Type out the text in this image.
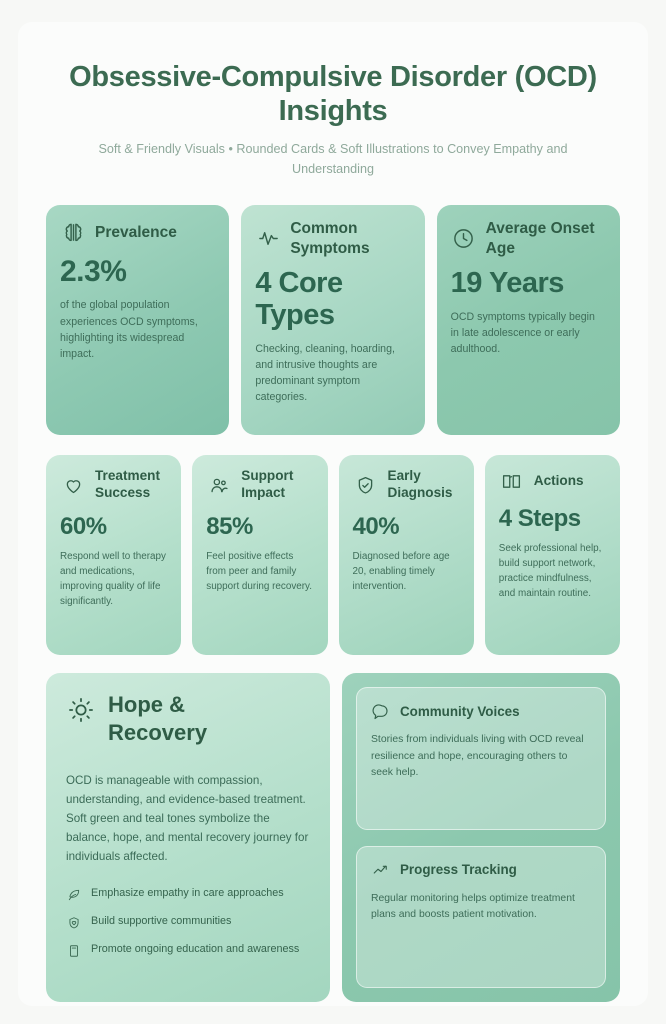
Obsessive-Compulsive Disorder (OCD) Insights
Soft & Friendly Visuals • Rounded Cards & Soft Illustrations to Convey Empathy and Understanding
Prevalence
2.3%
of the global population experiences OCD symptoms, highlighting its widespread impact.
Common Symptoms
4 Core Types
Checking, cleaning, hoarding, and intrusive thoughts are predominant symptom categories.
Average Onset Age
19 Years
OCD symptoms typically begin in late adolescence or early adulthood.
Treatment Success
60%
Respond well to therapy and medications, improving quality of life significantly.
Support Impact
85%
Feel positive effects from peer and family support during recovery.
Early Diagnosis
40%
Diagnosed before age 20, enabling timely intervention.
Actions
4 Steps
Seek professional help, build support network, practice mindfulness, and maintain routine.
Hope & Recovery
OCD is manageable with compassion, understanding, and evidence-based treatment. Soft green and teal tones symbolize the balance, hope, and mental recovery journey for individuals affected.
Emphasize empathy in care approaches
Build supportive communities
Promote ongoing education and awareness
Community Voices
Stories from individuals living with OCD reveal resilience and hope, encouraging others to seek help.
Progress Tracking
Regular monitoring helps optimize treatment plans and boosts patient motivation.
